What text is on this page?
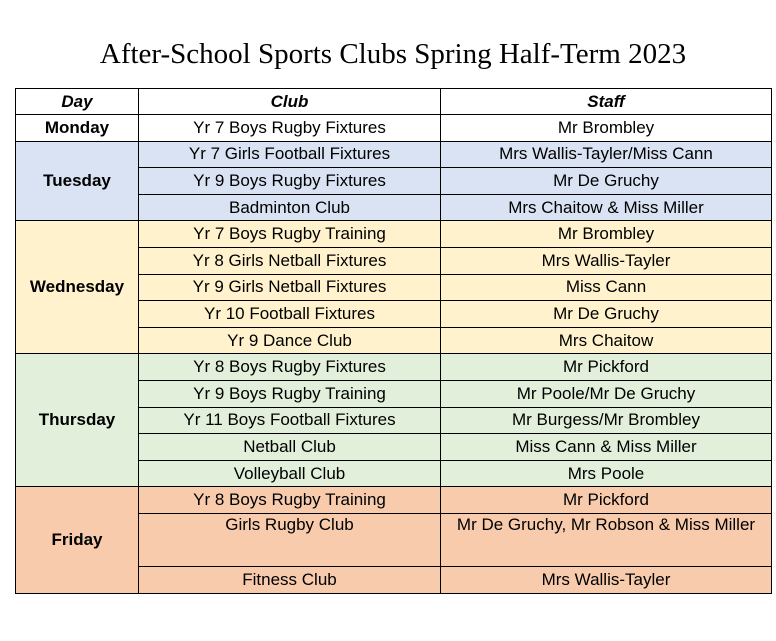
After-School Sports Clubs Spring Half-Term 2023
Day	Club	Staff
Monday	Yr 7 Boys Rugby Fixtures	Mr Brombley
Tuesday	Yr 7 Girls Football Fixtures	Mrs Wallis-Tayler/Miss Cann
	Yr 9 Boys Rugby Fixtures	Mr De Gruchy
	Badminton Club	Mrs Chaitow & Miss Miller
Wednesday	Yr 7 Boys Rugby Training	Mr Brombley
	Yr 8 Girls Netball Fixtures	Mrs Wallis-Tayler
	Yr 9 Girls Netball Fixtures	Miss Cann
	Yr 10 Football Fixtures	Mr De Gruchy
	Yr 9 Dance Club	Mrs Chaitow
Thursday	Yr 8 Boys Rugby Fixtures	Mr Pickford
	Yr 9 Boys Rugby Training	Mr Poole/Mr De Gruchy
	Yr 11 Boys Football Fixtures	Mr Burgess/Mr Brombley
	Netball Club	Miss Cann & Miss Miller
	Volleyball Club	Mrs Poole
Friday	Yr 8 Boys Rugby Training	Mr Pickford
	Girls Rugby Club	Mr De Gruchy, Mr Robson & Miss Miller
	Fitness Club	Mrs Wallis-Tayler
